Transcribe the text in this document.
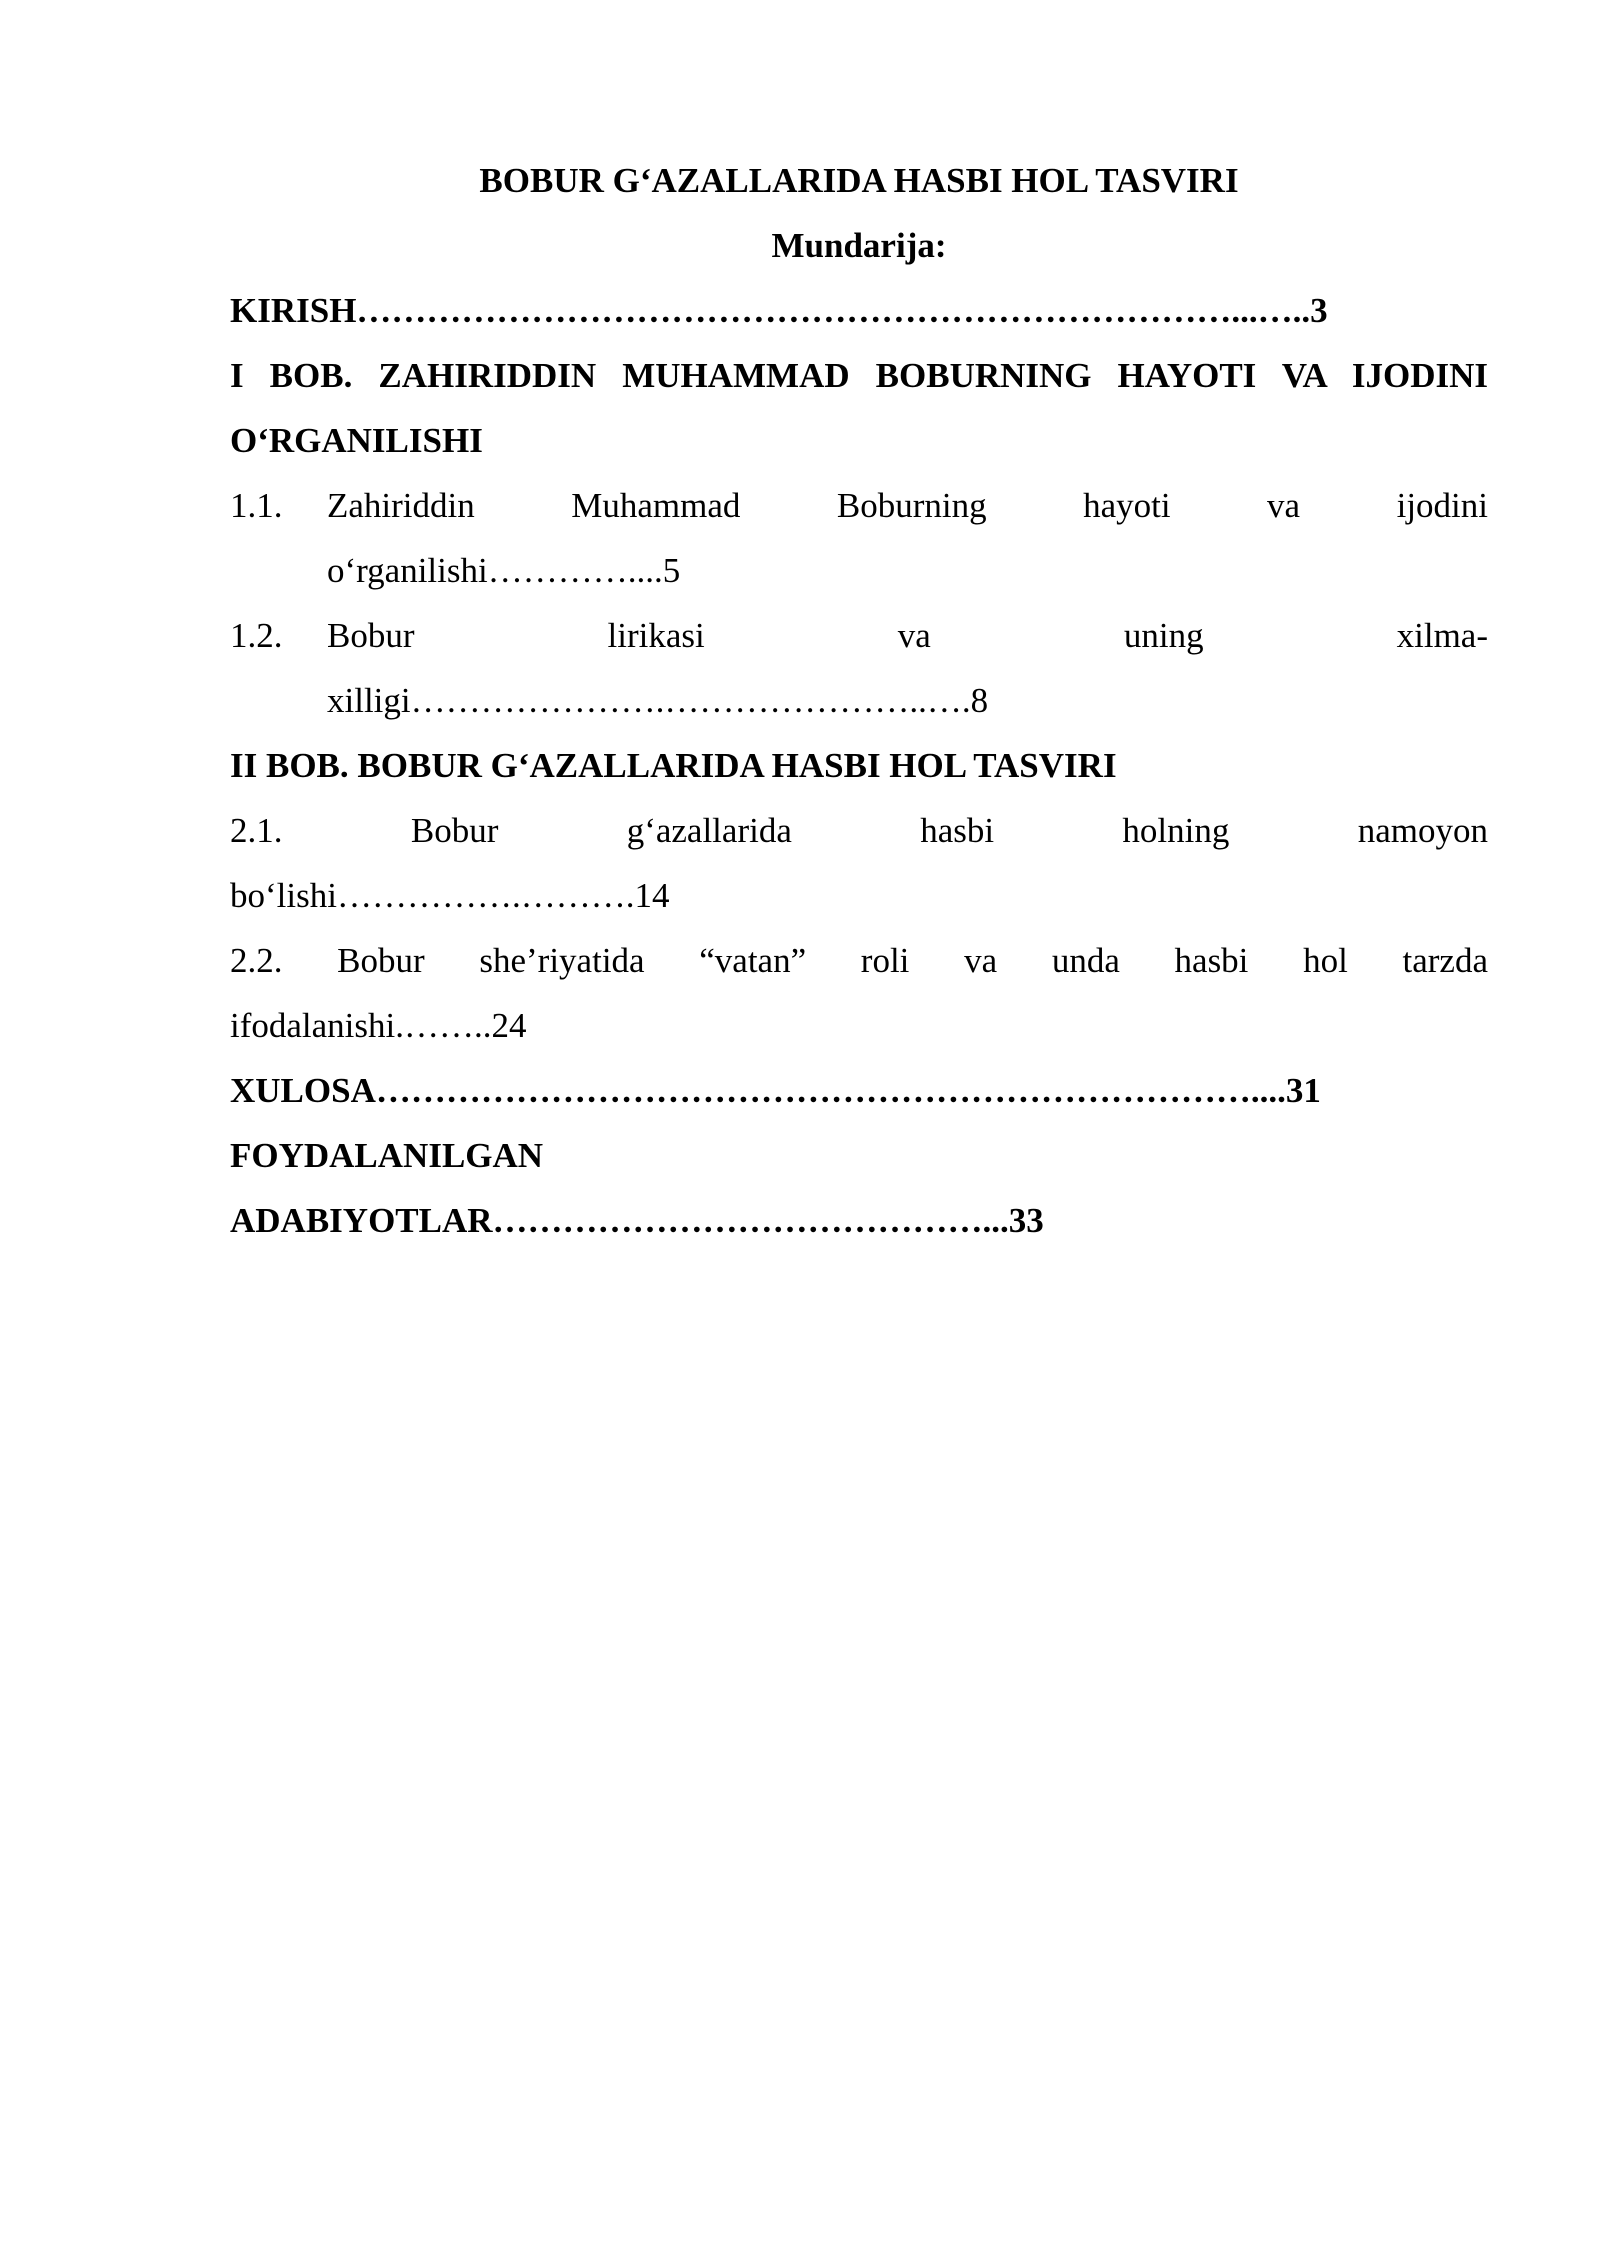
BOBUR G‘AZALLARIDA HASBI HOL TASVIRI
Mundarija:
KIRISH…………………………………………………………………...…..3
I BOB. ZAHIRIDDIN MUHAMMAD BOBURNING HAYOTI VA IJODINI
O‘RGANILISHI
1.1.	Zahiriddin Muhammad Boburning hayoti va ijodini
o‘rganilishi…………....5
1.2.	Bobur lirikasi va uning xilma-
xilligi………………….…………………..….8
II BOB. BOBUR G‘AZALLARIDA HASBI HOL TASVIRI
2.1. Bobur g‘azallarida hasbi holning namoyon
bo‘lishi…………….……….14
2.2. Bobur she’riyatida “vatan” roli va unda hasbi hol tarzda
ifodalanishi.……..24
XULOSA…………………………………………………………………....31
FOYDALANILGAN
ADABIYOTLAR……………………………………...33
